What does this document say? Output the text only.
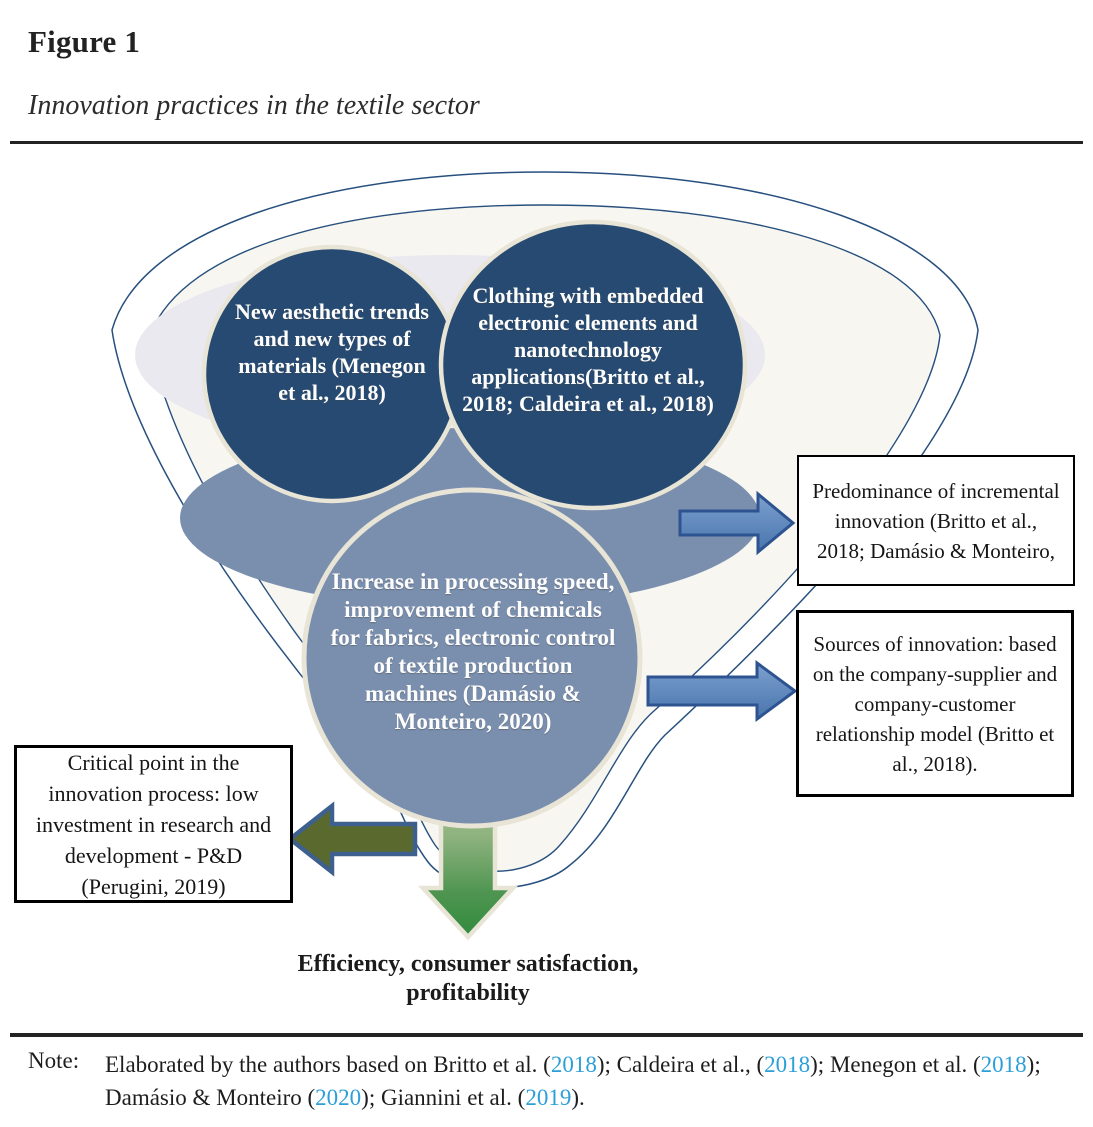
Figure 1
Innovation practices in the textile sector
New aesthetic trends and new types of materials (Menegon et al., 2018)
Clothing with embedded electronic elements and nanotechnology applications(Britto et al., 2018; Caldeira et al., 2018)
Increase in processing speed, improvement of chemicals for fabrics, electronic control of textile production machines (Damásio & Monteiro, 2020)
Predominance of incremental innovation (Britto et al., 2018; Damásio & Monteiro,
Sources of innovation: based on the company-supplier and company-customer relationship model (Britto et al., 2018).
Critical point in the innovation process: low investment in research and development - P&D (Perugini, 2019)
Efficiency, consumer satisfaction, profitability
Note: Elaborated by the authors based on Britto et al. (2018); Caldeira et al., (2018); Menegon et al. (2018); Damásio & Monteiro (2020); Giannini et al. (2019).
